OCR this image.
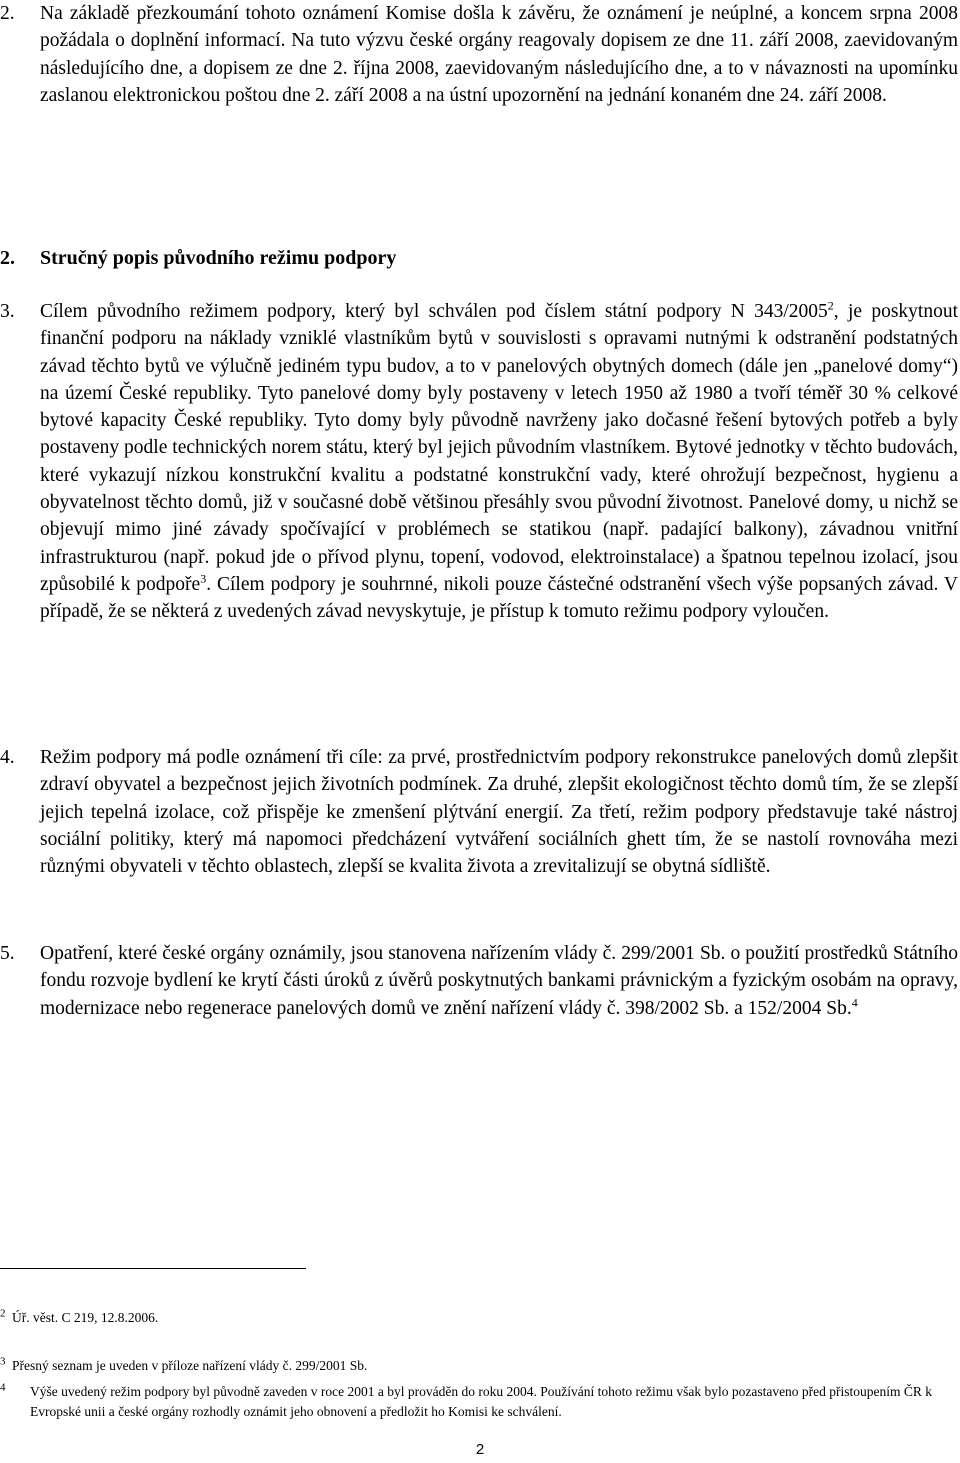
2.	Na základě přezkoumání tohoto oznámení Komise došla k závěru, že oznámení je neúplné, a koncem srpna 2008 požádala o doplnění informací. Na tuto výzvu české orgány reagovaly dopisem ze dne 11. září 2008, zaevidovaným následujícího dne, a dopisem ze dne 2. října 2008, zaevidovaným následujícího dne, a to v návaznosti na upomínku zaslanou elektronickou poštou dne 2. září 2008 a na ústní upozornění na jednání konaném dne 24. září 2008.
2. Stručný popis původního režimu podpory
3.	Cílem původního režimem podpory, který byl schválen pod číslem státní podpory N 343/2005$^2$, je poskytnout finanční podporu na náklady vzniklé vlastníkům bytů v souvislosti s opravami nutnými k odstranění podstatných závad těchto bytů ve výlučně jediném typu budov, a to v panelových obytných domech (dále jen „panelové domy“) na území České republiky. Tyto panelové domy byly postaveny v letech 1950 až 1980 a tvoří téměř 30 % celkové bytové kapacity České republiky. Tyto domy byly původně navrženy jako dočasné řešení bytových potřeb a byly postaveny podle technických norem státu, který byl jejich původním vlastníkem. Bytové jednotky v těchto budovách, které vykazují nízkou konstrukční kvalitu a podstatné konstrukční vady, které ohrožují bezpečnost, hygienu a obyvatelnost těchto domů, již v současné době většinou přesáhly svou původní životnost. Panelové domy, u nichž se objevují mimo jiné závady spočívající v problémech se statikou (např. padající balkony), závadnou vnitřní infrastrukturou (např. pokud jde o přívod plynu, topení, vodovod, elektroinstalace) a špatnou tepelnou izolací, jsou způsobilé k podpoře$^3$. Cílem podpory je souhrnné, nikoli pouze částečné odstranění všech výše popsaných závad. V případě, že se některá z uvedených závad nevyskytuje, je přístup k tomuto režimu podpory vyloučen.
4.	Režim podpory má podle oznámení tři cíle: za prvé, prostřednictvím podpory rekonstrukce panelových domů zlepšit zdraví obyvatel a bezpečnost jejich životních podmínek. Za druhé, zlepšit ekologičnost těchto domů tím, že se zlepší jejich tepelná izolace, což přispěje ke zmenšení plýtvání energií. Za třetí, režim podpory představuje také nástroj sociální politiky, který má napomoci předcházení vytváření sociálních ghett tím, že se nastolí rovnováha mezi různými obyvateli v těchto oblastech, zlepší se kvalita života a zrevitalizují se obytná sídliště.
5.	Opatření, které české orgány oznámily, jsou stanovena nařízením vlády č. 299/2001 Sb. o použití prostředků Státního fondu rozvoje bydlení ke krytí části úroků z úvěrů poskytnutých bankami právnickým a fyzickým osobám na opravy, modernizace nebo regenerace panelových domů ve znění nařízení vlády č. 398/2002 Sb. a 152/2004 Sb.$^4$
$^2$ Úř. věst. C 219, 12.8.2006.
$^3$ Přesný seznam je uveden v příloze nařízení vlády č. 299/2001 Sb.
$^4$	Výše uvedený režim podpory byl původně zaveden v roce 2001 a byl prováděn do roku 2004. Používání tohoto režimu však bylo pozastaveno před přistoupením ČR k Evropské unii a české orgány rozhodly oznámit jeho obnovení a předložit ho Komisi ke schválení.
2
